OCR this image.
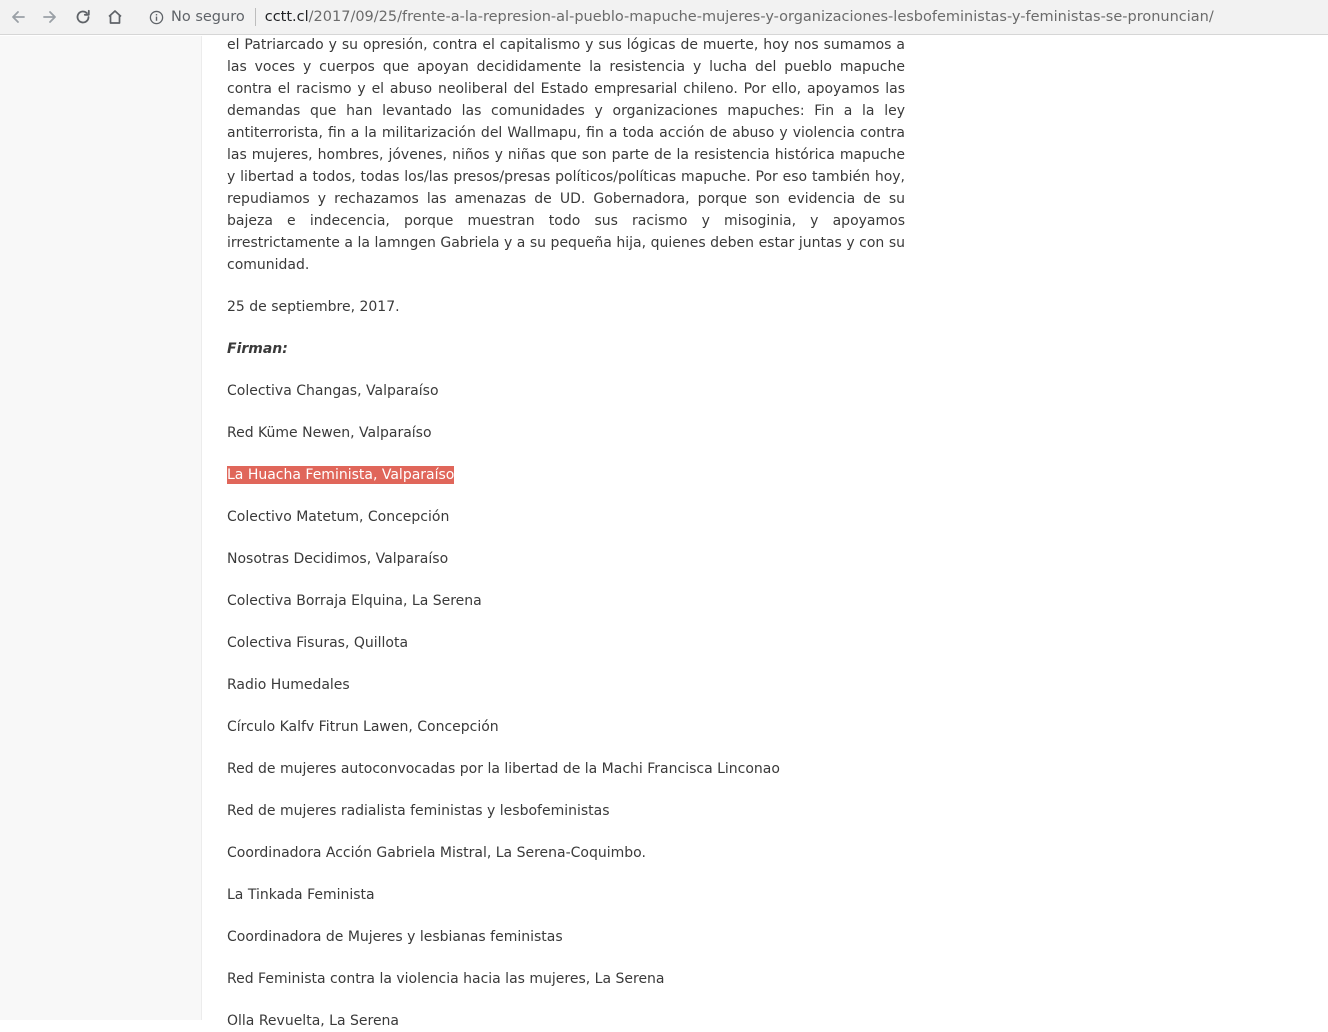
No seguro cctt.cl /2017/09/25/frente-a-la-represion-al-pueblo-mapuche-mujeres-y-organizaciones-lesbofeministas-y-feministas-se-pronuncian/

el Patriarcado y su opresión, contra el capitalismo y sus lógicas de muerte, hoy nos sumamos a las voces y cuerpos que apoyan decididamente la resistencia y lucha del pueblo mapuche contra el racismo y el abuso neoliberal del Estado empresarial chileno. Por ello, apoyamos las demandas que han levantado las comunidades y organizaciones mapuches: Fin a la ley antiterrorista, fin a la militarización del Wallmapu, fin a toda acción de abuso y violencia contra las mujeres, hombres, jóvenes, niños y niñas que son parte de la resistencia histórica mapuche y libertad a todos, todas los/las presos/presas políticos/políticas mapuche. Por eso también hoy, repudiamos y rechazamos las amenazas de UD. Gobernadora, porque son evidencia de su bajeza e indecencia, porque muestran todo sus racismo y misoginia, y apoyamos irrestrictamente a la lamngen Gabriela y a su pequeña hija, quienes deben estar juntas y con su comunidad.

25 de septiembre, 2017.

Firman:

Colectiva Changas, Valparaíso

Red Küme Newen, Valparaíso

La Huacha Feminista, Valparaíso

Colectivo Matetum, Concepción

Nosotras Decidimos, Valparaíso

Colectiva Borraja Elquina, La Serena

Colectiva Fisuras, Quillota

Radio Humedales

Círculo Kalfv Fitrun Lawen, Concepción

Red de mujeres autoconvocadas por la libertad de la Machi Francisca Linconao

Red de mujeres radialista feministas y lesbofeministas

Coordinadora Acción Gabriela Mistral, La Serena-Coquimbo.

La Tinkada Feminista

Coordinadora de Mujeres y lesbianas feministas

Red Feminista contra la violencia hacia las mujeres, La Serena

Olla Revuelta, La Serena
